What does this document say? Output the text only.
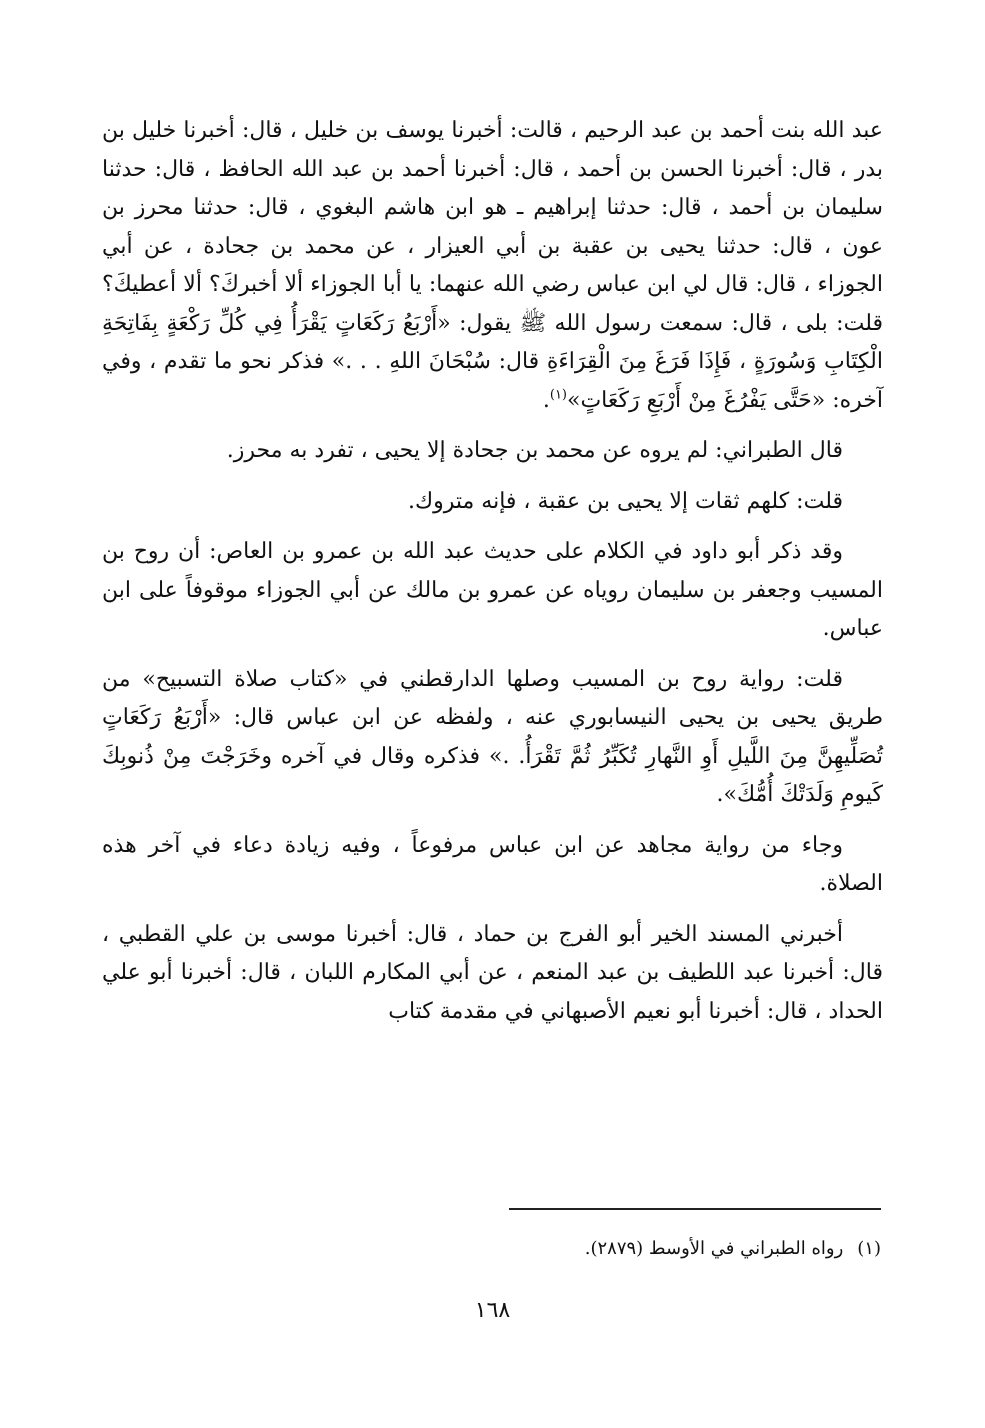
عبد الله بنت أحمد بن عبد الرحيم ، قالت: أخبرنا يوسف بن خليل ، قال: أخبرنا خليل بن بدر ، قال: أخبرنا الحسن بن أحمد ، قال: أخبرنا أحمد بن عبد الله الحافظ ، قال: حدثنا سليمان بن أحمد ، قال: حدثنا إبراهيم ـ هو ابن هاشم البغوي ، قال: حدثنا محرز بن عون ، قال: حدثنا يحيى بن عقبة بن أبي العيزار ، عن محمد بن جحادة ، عن أبي الجوزاء ، قال: قال لي ابن عباس رضي الله عنهما: يا أبا الجوزاء ألا أخبركَ؟ ألا أعطيكَ؟ قلت: بلى ، قال: سمعت رسول الله ﷺ يقول: «أَرْبَعُ رَكَعَاتٍ يَقْرَأُ فِي كُلِّ رَكْعَةٍ بِفَاتِحَةِ الْكِتَابِ وَسُورَةٍ ، فَإِذَا فَرَغَ مِنَ الْقِرَاءَةِ قال: سُبْحَانَ اللهِ . . .» فذكر نحو ما تقدم ، وفي آخره: «حَتَّى يَفْرُغَ مِنْ أَرْبَعِ رَكَعَاتٍ»$^{(١)}$.

قال الطبراني: لم يروه عن محمد بن جحادة إلا يحيى ، تفرد به محرز.

قلت: كلهم ثقات إلا يحيى بن عقبة ، فإنه متروك.

وقد ذكر أبو داود في الكلام على حديث عبد الله بن عمرو بن العاص: أن روح بن المسيب وجعفر بن سليمان روياه عن عمرو بن مالك عن أبي الجوزاء موقوفاً على ابن عباس.

قلت: رواية روح بن المسيب وصلها الدارقطني في «كتاب صلاة التسبيح» من طريق يحيى بن يحيى النيسابوري عنه ، ولفظه عن ابن عباس قال: «أَرْبَعُ رَكَعَاتٍ تُصَلِّيهِنَّ مِنَ اللَّيلِ أَوِ النَّهارِ تُكَبِّرُ ثُمَّ تَقْرَأُ. .» فذكره وقال في آخره وخَرَجْتَ مِنْ ذُنوبِكَ كَيومِ وَلَدَتْكَ أُمُّكَ».

وجاء من رواية مجاهد عن ابن عباس مرفوعاً ، وفيه زيادة دعاء في آخر هذه الصلاة.

أخبرني المسند الخير أبو الفرج بن حماد ، قال: أخبرنا موسى بن علي القطبي ، قال: أخبرنا عبد اللطيف بن عبد المنعم ، عن أبي المكارم اللبان ، قال: أخبرنا أبو علي الحداد ، قال: أخبرنا أبو نعيم الأصبهاني في مقدمة كتاب

(١)رواه الطبراني في الأوسط (٢٨٧٩).
١٦٨
